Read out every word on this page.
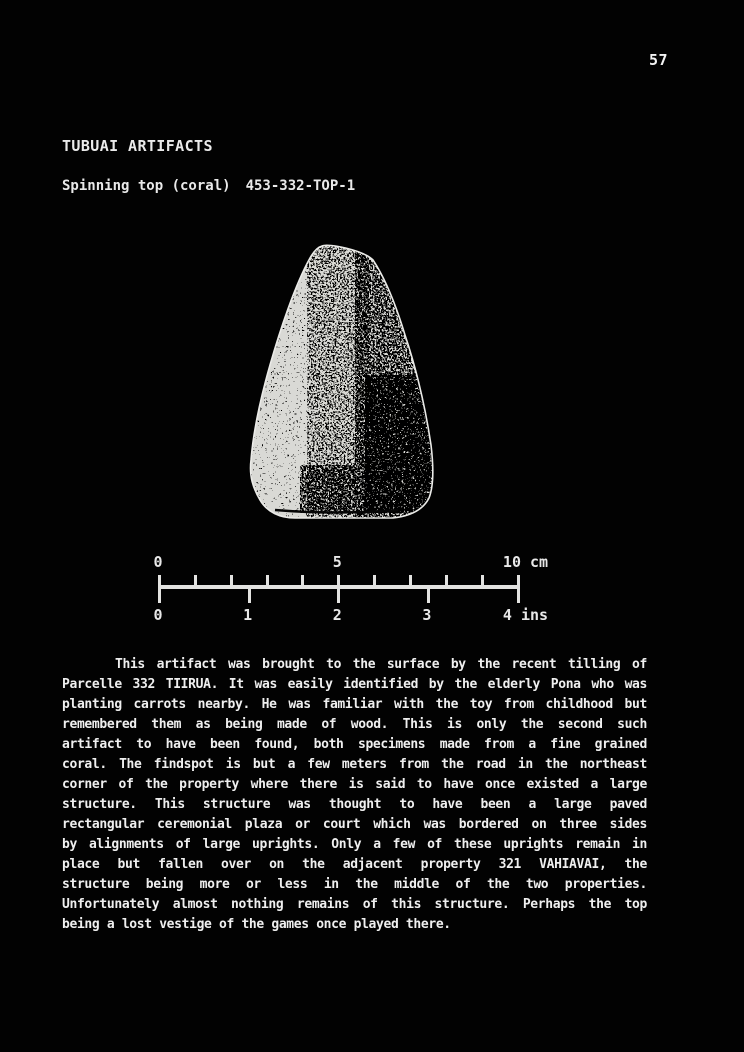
57
TUBUAI ARTIFACTS
Spinning top (coral) 453-332-TOP-1
0	5	10 cm
0	1	2	3	4 ins
This artifact was brought to the surface by the recent tilling of
Parcelle 332 TIIRUA. It was easily identified by the elderly Pona who was
planting carrots nearby. He was familiar with the toy from childhood but
remembered them as being made of wood. This is only the second such
artifact to have been found, both specimens made from a fine grained
coral. The findspot is but a few meters from the road in the northeast
corner of the property where there is said to have once existed a large
structure. This structure was thought to have been a large paved
rectangular ceremonial plaza or court which was bordered on three sides
by alignments of large uprights. Only a few of these uprights remain in
place but fallen over on the adjacent property 321 VAHIAVAI, the
structure being more or less in the middle of the two properties.
Unfortunately almost nothing remains of this structure. Perhaps the top
being a lost vestige of the games once played there.
